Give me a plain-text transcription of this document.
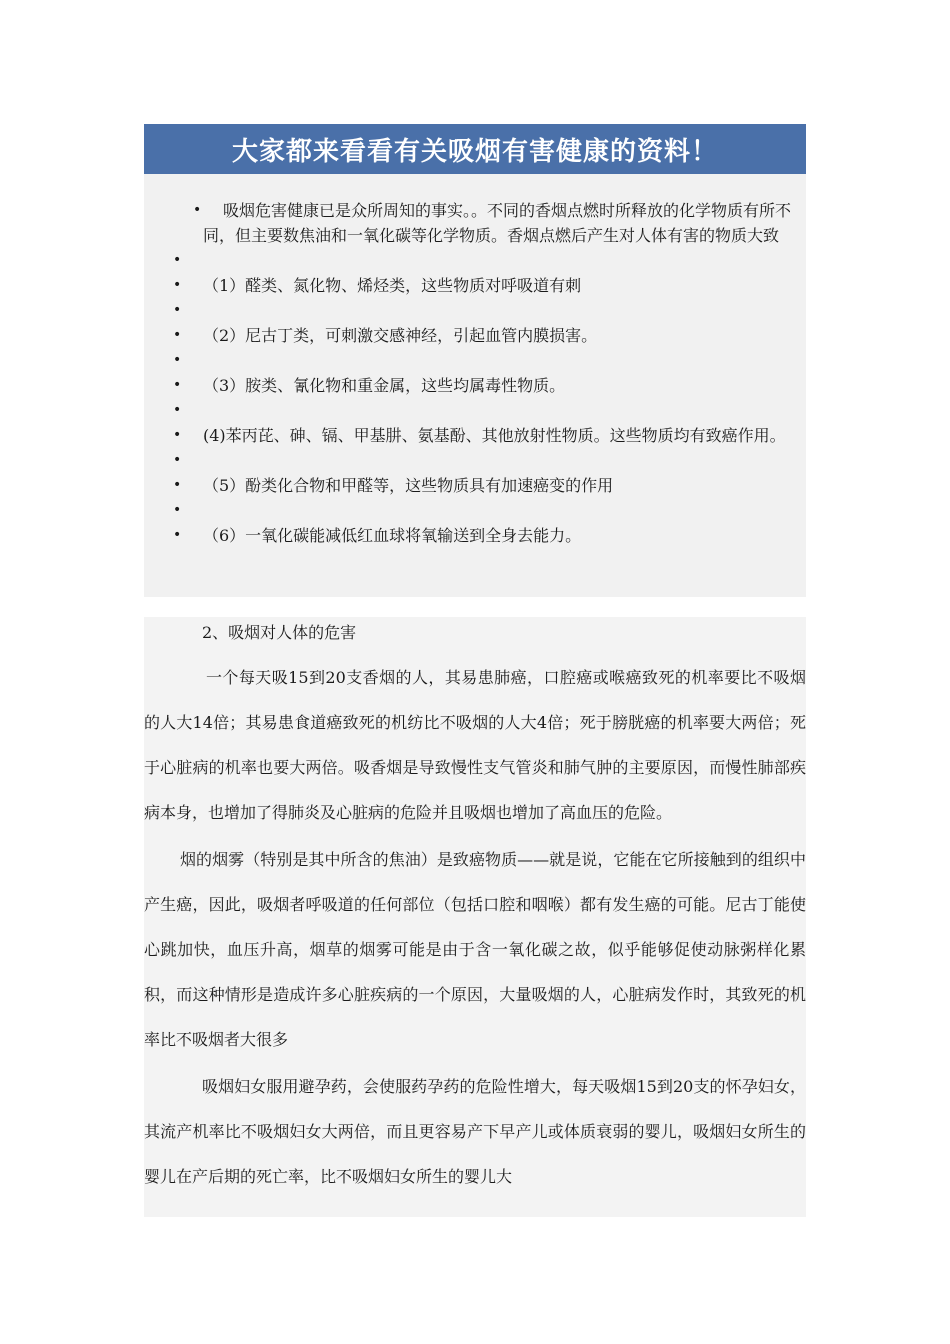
大家都来看看有关吸烟有害健康的资料！
• 吸烟危害健康已是众所周知的事实。。不同的香烟点燃时所释放的化学物质有所不同，但主要数焦油和一氧化碳等化学物质。香烟点燃后产生对人体有害的物质大致
•
• （1）醛类、氮化物、烯烃类，这些物质对呼吸道有刺
•
• （2）尼古丁类，可刺激交感神经，引起血管内膜损害。
•
• （3）胺类、氰化物和重金属，这些均属毒性物质。
•
• (4)苯丙芘、砷、镉、甲基肼、氨基酚、其他放射性物质。这些物质均有致癌作用。
•
• （5）酚类化合物和甲醛等，这些物质具有加速癌变的作用
•
• （6）一氧化碳能减低红血球将氧输送到全身去能力。
2、吸烟对人体的危害

一个每天吸15到20支香烟的人，其易患肺癌，口腔癌或喉癌致死的机率要比不吸烟的人大14倍；其易患食道癌致死的机纺比不吸烟的人大4倍；死于膀胱癌的机率要大两倍；死于心脏病的机率也要大两倍。吸香烟是导致慢性支气管炎和肺气肿的主要原因，而慢性肺部疾病本身，也增加了得肺炎及心脏病的危险并且吸烟也增加了高血压的危险。

烟的烟雾（特别是其中所含的焦油）是致癌物质——就是说，它能在它所接触到的组织中产生癌，因此，吸烟者呼吸道的任何部位（包括口腔和咽喉）都有发生癌的可能。尼古丁能使心跳加快，血压升高，烟草的烟雾可能是由于含一氧化碳之故，似乎能够促使动脉粥样化累积，而这种情形是造成许多心脏疾病的一个原因，大量吸烟的人，心脏病发作时，其致死的机率比不吸烟者大很多

吸烟妇女服用避孕药，会使服药孕药的危险性增大，每天吸烟15到20支的怀孕妇女，其流产机率比不吸烟妇女大两倍，而且更容易产下早产儿或体质衰弱的婴儿，吸烟妇女所生的婴儿在产后期的死亡率，比不吸烟妇女所生的婴儿大
